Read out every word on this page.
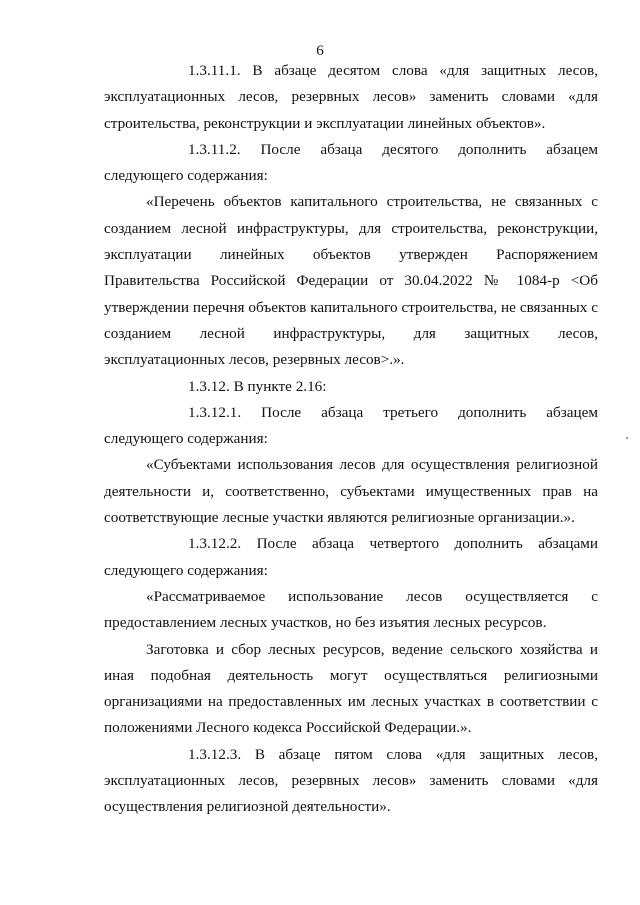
6

1.3.11.1. В абзаце десятом слова «для защитных лесов, эксплуатационных лесов, резервных лесов» заменить словами «для строительства, реконструкции и эксплуатации линейных объектов».

1.3.11.2. После абзаца десятого дополнить абзацем следующего содержания:

«Перечень объектов капитального строительства, не связанных с созданием лесной инфраструктуры, для строительства, реконструкции, эксплуатации линейных объектов утвержден Распоряжением Правительства Российской Федерации от 30.04.2022 № 1084-р <Об утверждении перечня объектов капитального строительства, не связанных с созданием лесной инфраструктуры, для защитных лесов, эксплуатационных лесов, резервных лесов>.».

1.3.12. В пункте 2.16:

1.3.12.1. После абзаца третьего дополнить абзацем следующего содержания:

«Субъектами использования лесов для осуществления религиозной деятельности и, соответственно, субъектами имущественных прав на соответствующие лесные участки являются религиозные организации.».

1.3.12.2. После абзаца четвертого дополнить абзацами следующего содержания:

«Рассматриваемое использование лесов осуществляется с предоставлением лесных участков, но без изъятия лесных ресурсов.

Заготовка и сбор лесных ресурсов, ведение сельского хозяйства и иная подобная деятельность могут осуществляться религиозными организациями на предоставленных им лесных участках в соответствии с положениями Лесного кодекса Российской Федерации.».

1.3.12.3. В абзаце пятом слова «для защитных лесов, эксплуатационных лесов, резервных лесов» заменить словами «для осуществления религиозной деятельности».
